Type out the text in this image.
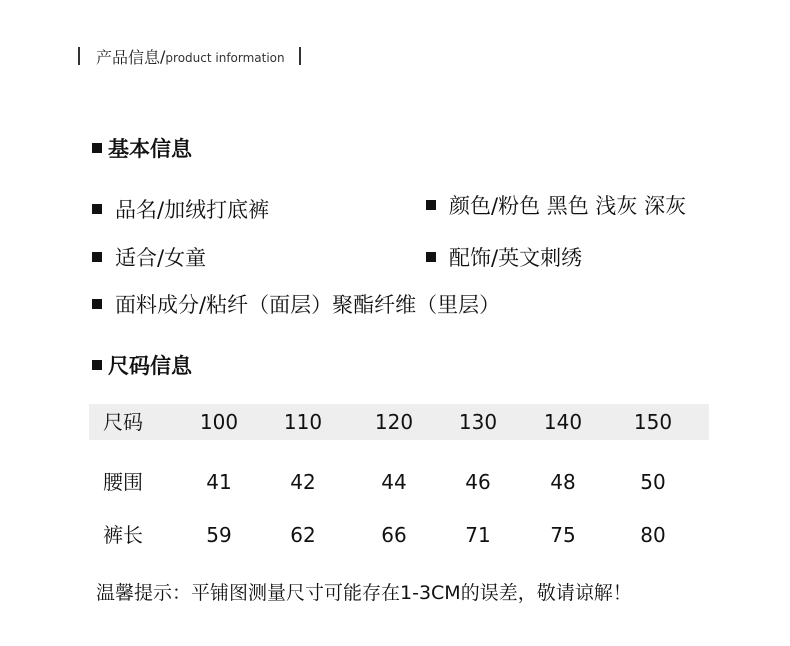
产品信息 / product information
基本信息
品名/加绒打底裤	颜色/粉色 黑色 浅灰 深灰
适合/女童	配饰/英文刺绣
面料成分/粘纤（面层）聚酯纤维（里层）
尺码信息
尺码	100	110	120	130	140	150
腰围	41	42	44	46	48	50
裤长	59	62	66	71	75	80
温馨提示：平铺图测量尺寸可能存在1-3CM的误差，敬请谅解！
